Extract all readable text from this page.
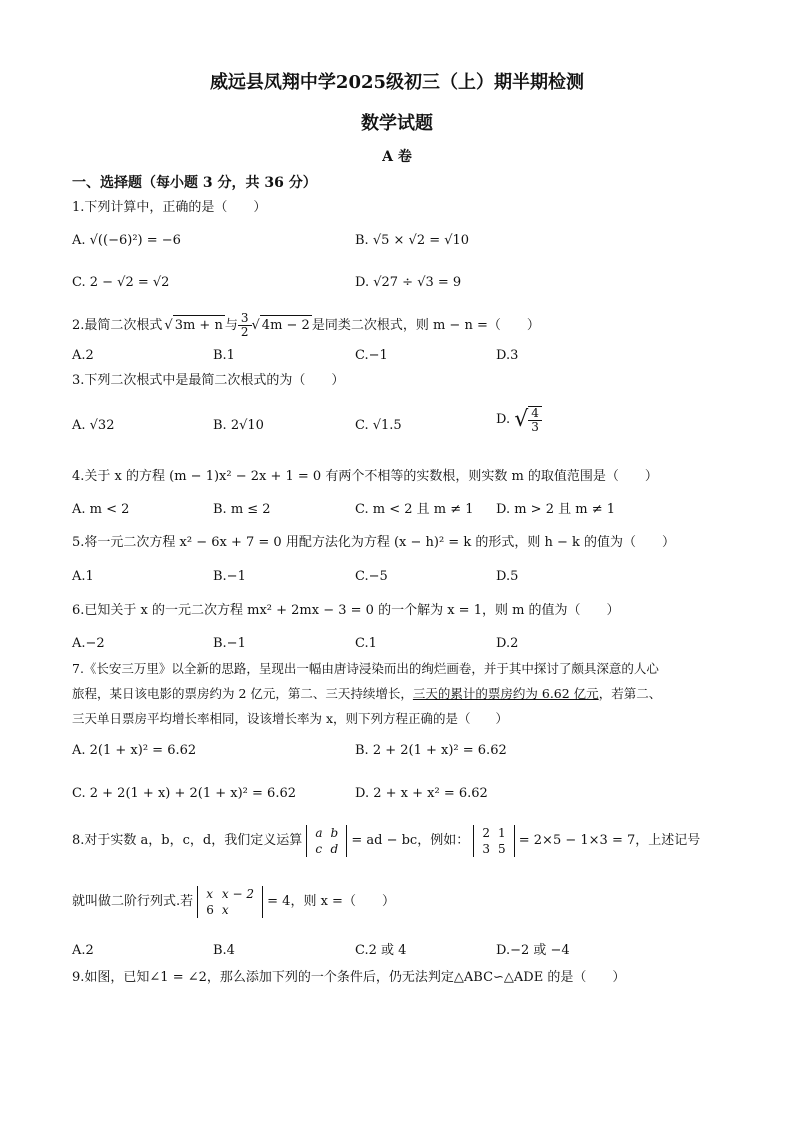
威远县凤翔中学2025级初三（上）期半期检测
数学试题
A 卷
一、选择题（每小题 3 分，共 36 分）
1.下列计算中，正确的是（　　）
A. √((−6)²) = −6	B. √5 × √2 = √10
C. 2 − √2 = √2	D. √27 ÷ √3 = 9
2.最简二次根式 √ 3m + n 与 $\frac{3}{2}$ √ 4m − 2 是同类二次根式，则 m − n =（　　）
A.2	B.1	C.−1	D.3
3.下列二次根式中是最简二次根式的为（　　）
A. √32	B. 2√10	C. √1.5	D. √ $\frac{4}{3}$
4.关于 x 的方程 (m − 1)x² − 2x + 1 = 0 有两个不相等的实数根，则实数 m 的取值范围是（　　）
A. m < 2	B. m ≤ 2	C. m < 2 且 m ≠ 1 D. m > 2 且 m ≠ 1
5.将一元二次方程 x² − 6x + 7 = 0 用配方法化为方程 (x − h)² = k 的形式，则 h − k 的值为（　　）
A.1	B.−1	C.−5	D.5
6.已知关于 x 的一元二次方程 mx² + 2mx − 3 = 0 的一个解为 x = 1，则 m 的值为（　　）
A.−2	B.−1	C.1	D.2
7.《长安三万里》以全新的思路，呈现出一幅由唐诗浸染而出的绚烂画卷，并于其中探讨了颇具深意的人心
旅程，某日该电影的票房约为 2 亿元，第二、三天持续增长，三天的累计的票房约为 6.62 亿元，若第二、
三天单日票房平均增长率相同，设该增长率为 x，则下列方程正确的是（　　）
A. 2(1 + x)² = 6.62	B. 2 + 2(1 + x)² = 6.62
C. 2 + 2(1 + x) + 2(1 + x)² = 6.62	D. 2 + x + x² = 6.62
8.对于实数 a，b，c，d，我们定义运算 a	b
c	d
= ad − bc，例如： 2	1
3	5
= 2×5 − 1×3 = 7，上述记号
就叫做二阶行列式.若 x	x − 2
6	x
= 4，则 x =（　　）
A.2	B.4	C.2 或 4	D.−2 或 −4
9.如图，已知∠1 = ∠2，那么添加下列的一个条件后，仍无法判定△ABC∽△ADE 的是（　　）
